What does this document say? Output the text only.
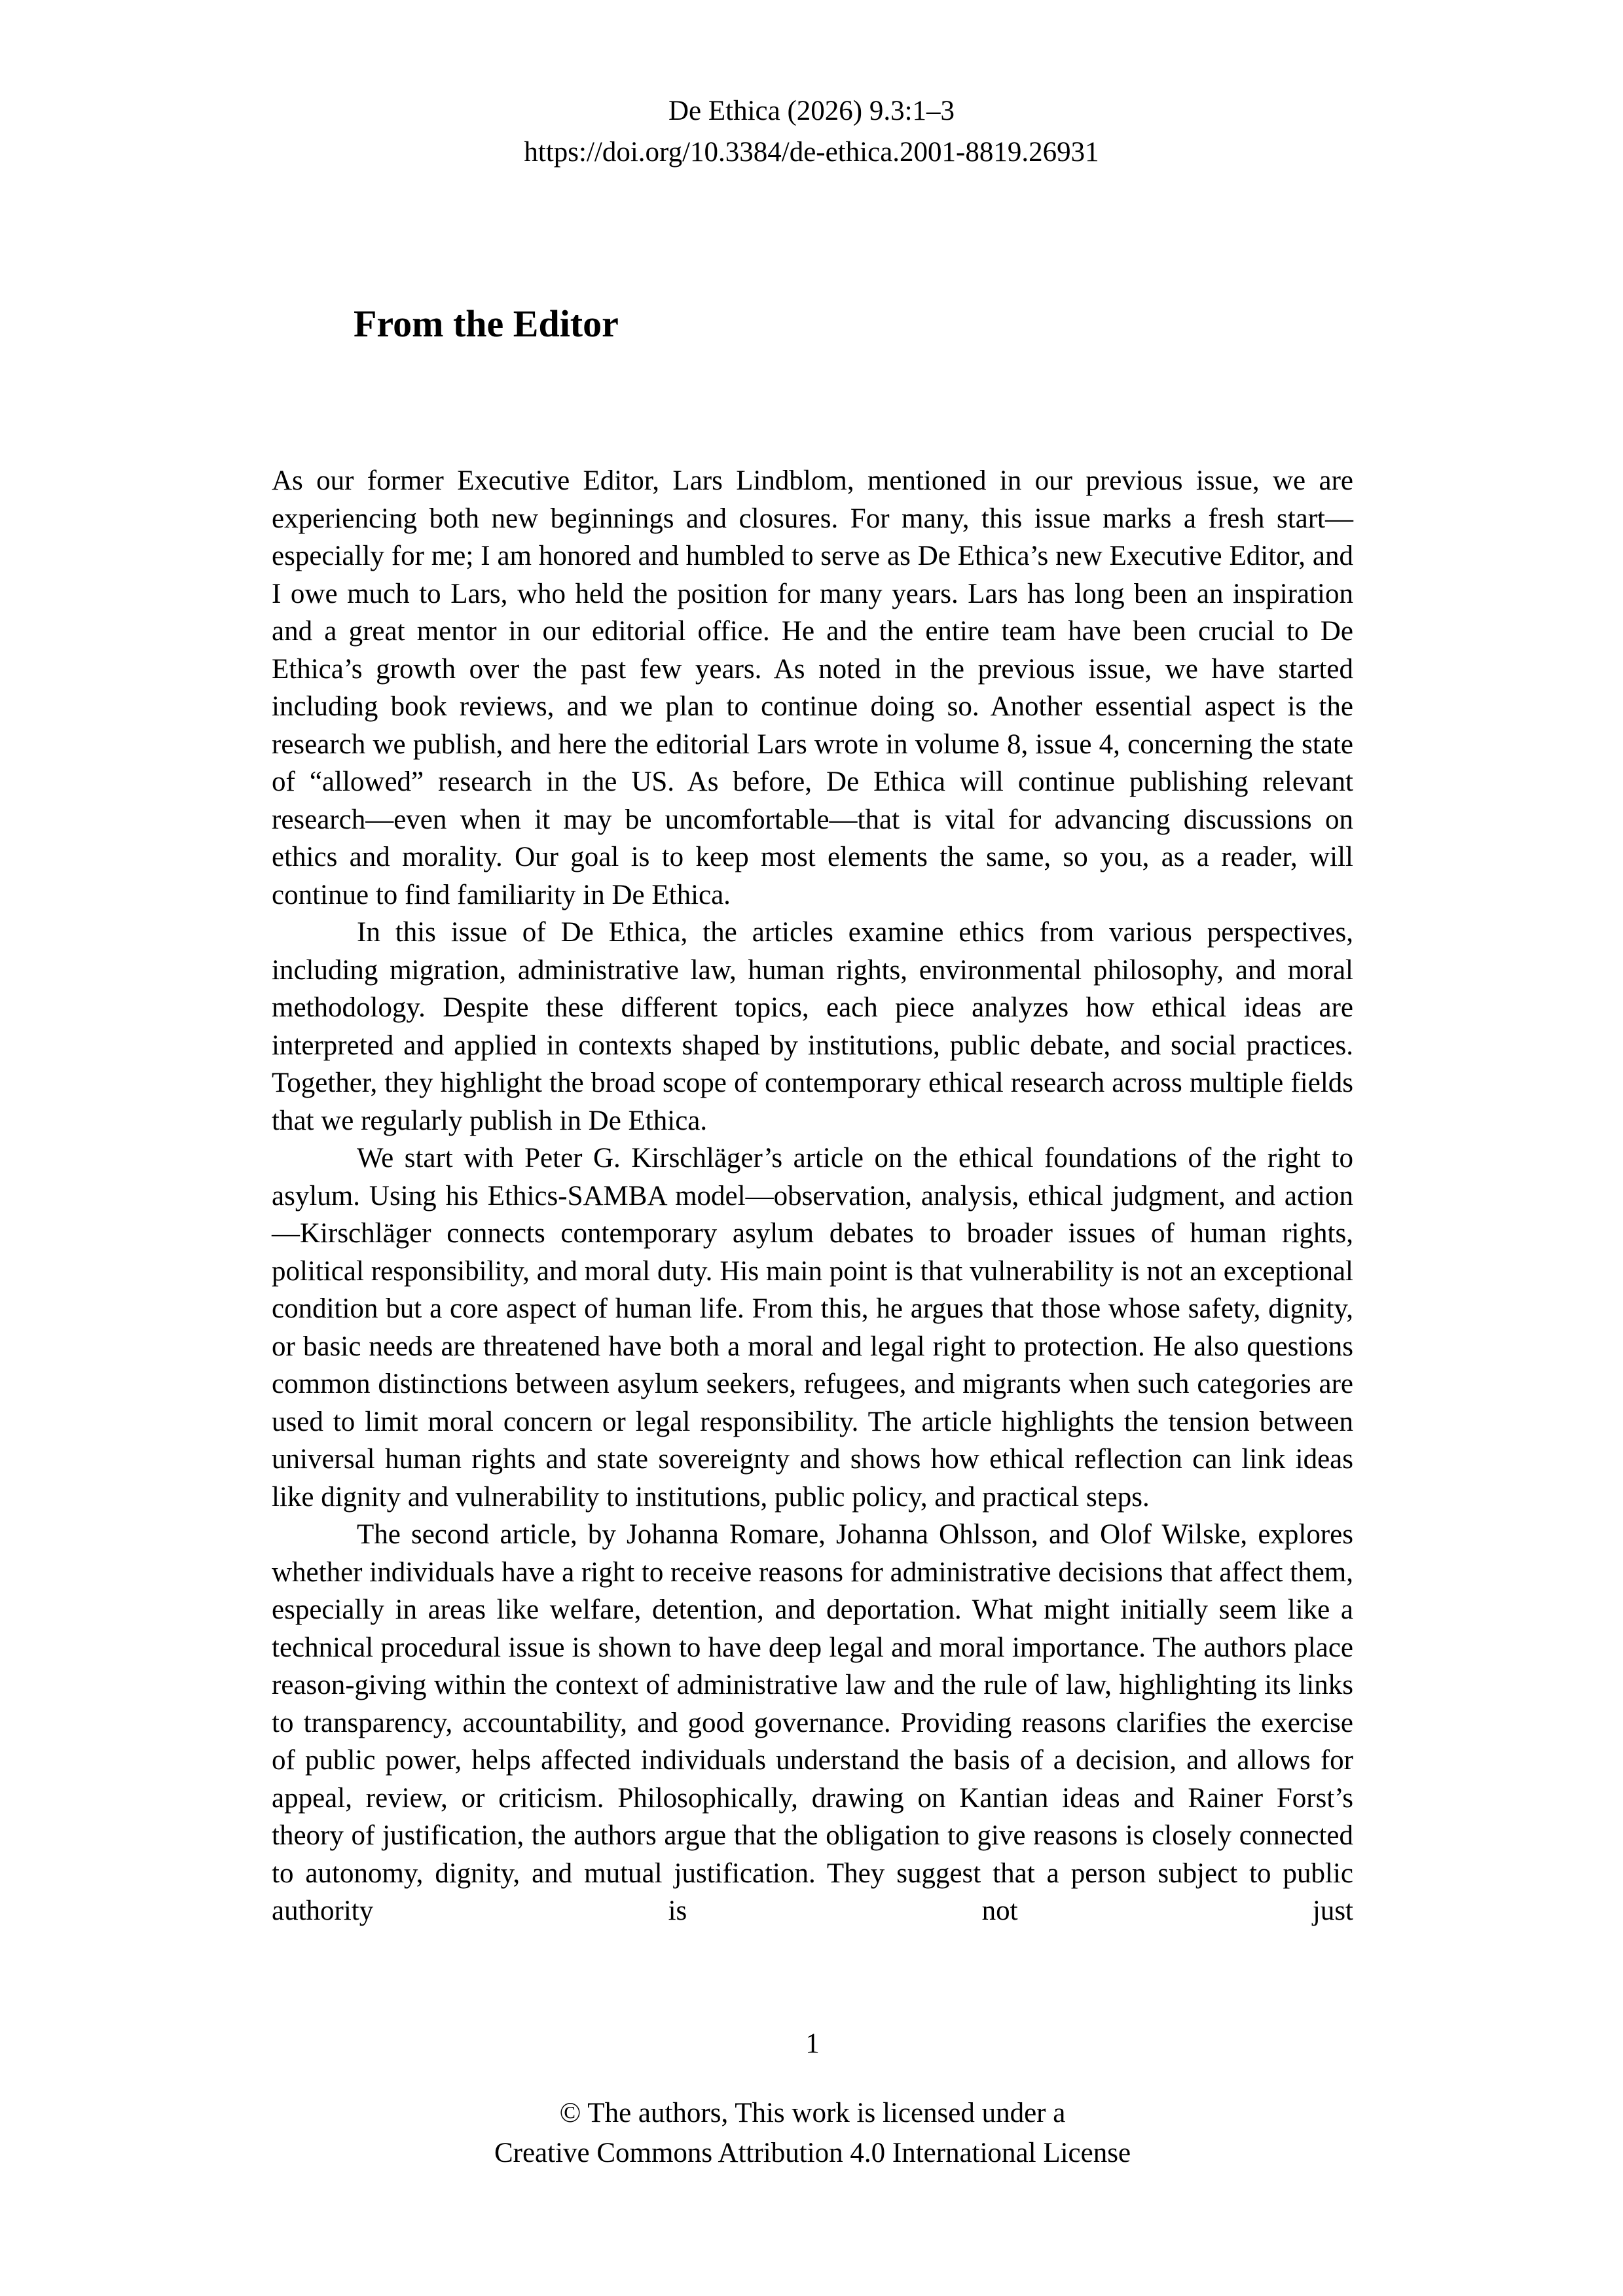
De Ethica (2026) 9.3:1–3
https://doi.org/10.3384/de-ethica.2001-8819.26931
From the Editor

As our former Executive Editor, Lars Lindblom, mentioned in our previous issue, we are experiencing both new beginnings and closures. For many, this issue marks a fresh start—especially for me; I am honored and humbled to serve as De Ethica’s new Executive Editor, and I owe much to Lars, who held the position for many years. Lars has long been an inspiration and a great mentor in our editorial office. He and the entire team have been crucial to De Ethica’s growth over the past few years. As noted in the previous issue, we have started including book reviews, and we plan to continue doing so. Another essential aspect is the research we publish, and here the editorial Lars wrote in volume 8, issue 4, concerning the state of “allowed” research in the US. As before, De Ethica will continue publishing relevant research—even when it may be uncomfortable—that is vital for advancing discussions on ethics and morality. Our goal is to keep most elements the same, so you, as a reader, will continue to find familiarity in De Ethica.

In this issue of De Ethica, the articles examine ethics from various perspectives, including migration, administrative law, human rights, environmental philosophy, and moral methodology. Despite these different topics, each piece analyzes how ethical ideas are interpreted and applied in contexts shaped by institutions, public debate, and social practices. Together, they highlight the broad scope of contemporary ethical research across multiple fields that we regularly publish in De Ethica.

We start with Peter G. Kirschläger’s article on the ethical foundations of the right to asylum. Using his Ethics-SAMBA model—observation, analysis, ethical judgment, and action—Kirschläger connects contemporary asylum debates to broader issues of human rights, political responsibility, and moral duty. His main point is that vulnerability is not an exceptional condition but a core aspect of human life. From this, he argues that those whose safety, dignity, or basic needs are threatened have both a moral and legal right to protection. He also questions common distinctions between asylum seekers, refugees, and migrants when such categories are used to limit moral concern or legal responsibility. The article highlights the tension between universal human rights and state sovereignty and shows how ethical reflection can link ideas like dignity and vulnerability to institutions, public policy, and practical steps.

The second article, by Johanna Romare, Johanna Ohlsson, and Olof Wilske, explores whether individuals have a right to receive reasons for administrative decisions that affect them, especially in areas like welfare, detention, and deportation. What might initially seem like a technical procedural issue is shown to have deep legal and moral importance. The authors place reason-giving within the context of administrative law and the rule of law, highlighting its links to transparency, accountability, and good governance. Providing reasons clarifies the exercise of public power, helps affected individuals understand the basis of a decision, and allows for appeal, review, or criticism. Philosophically, drawing on Kantian ideas and Rainer Forst’s theory of justification, the authors argue that the obligation to give reasons is closely connected to autonomy, dignity, and mutual justification. They suggest that a person subject to public authority is not just

1
© The authors, This work is licensed under a
Creative Commons Attribution 4.0 International License
